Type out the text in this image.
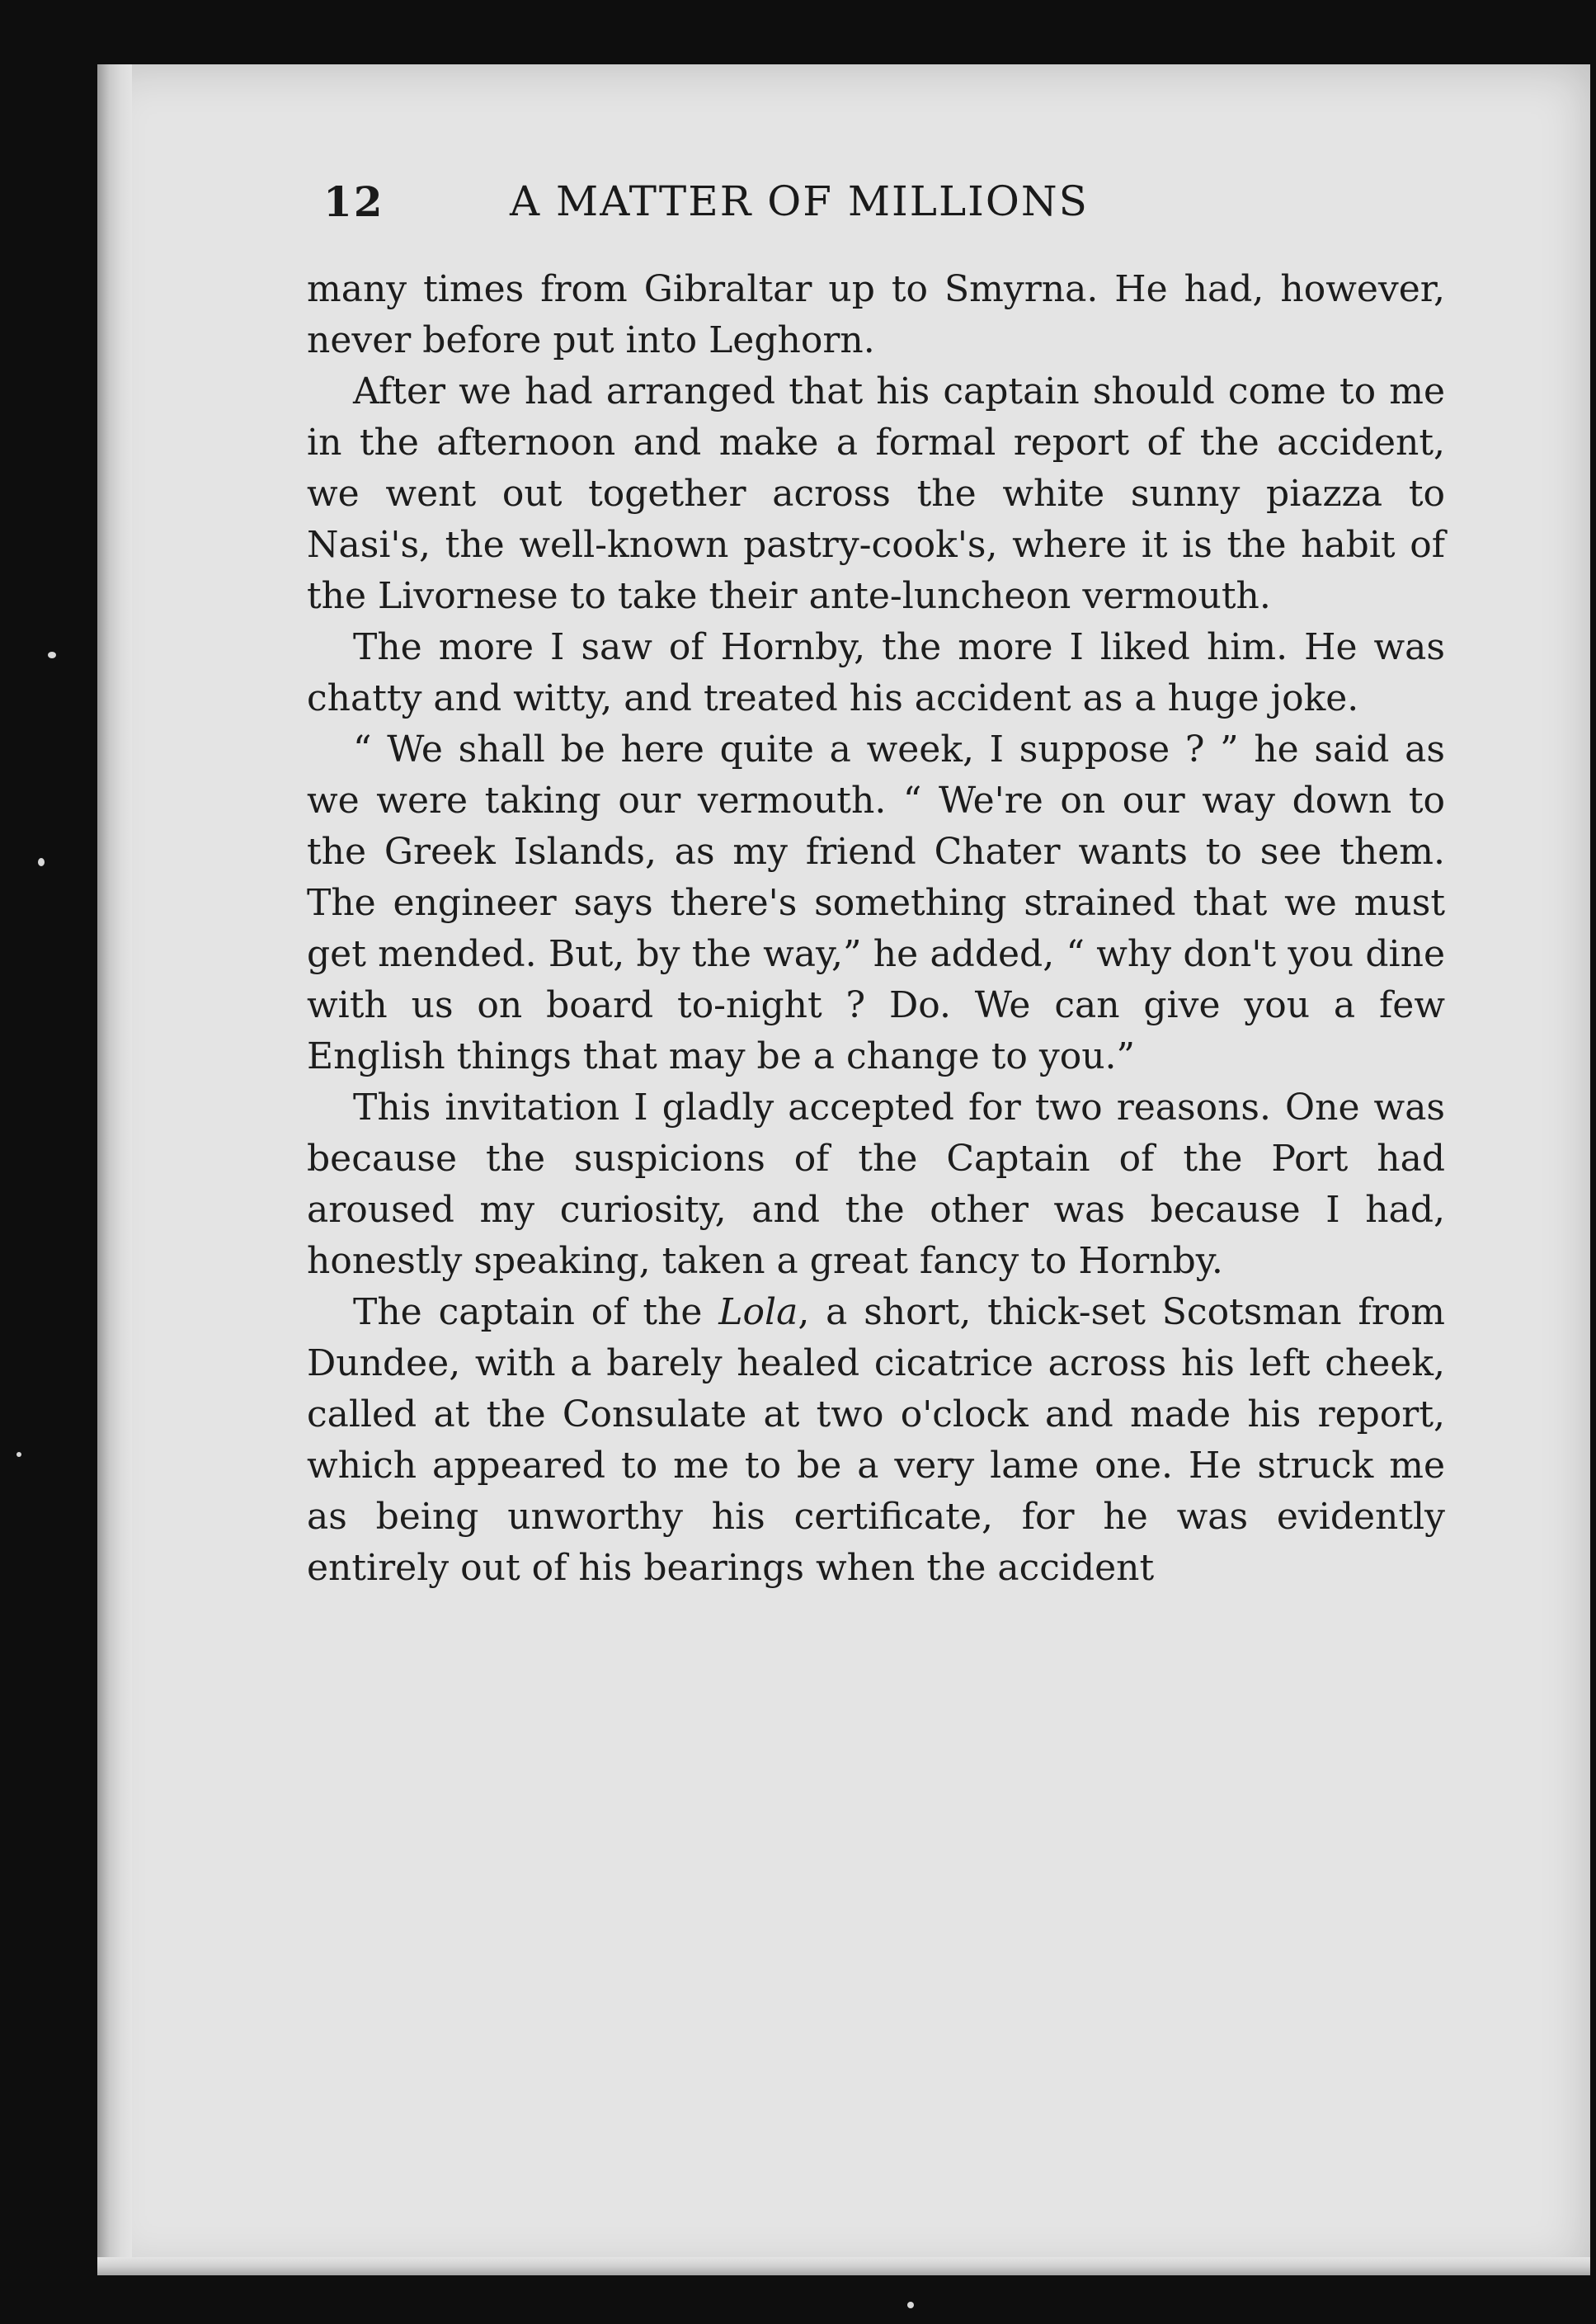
12	A MATTER OF MILLIONS

many times from Gibraltar up to Smyrna. He had, however, never before put into Leghorn.

After we had arranged that his captain should come to me in the afternoon and make a formal report of the accident, we went out together across the white sunny piazza to Nasi's, the well-known pastry-cook's, where it is the habit of the Livornese to take their ante-luncheon vermouth.

The more I saw of Hornby, the more I liked him. He was chatty and witty, and treated his accident as a huge joke.

“ We shall be here quite a week, I suppose ? ” he said as we were taking our vermouth. “ We're on our way down to the Greek Islands, as my friend Chater wants to see them. The engineer says there's something strained that we must get mended. But, by the way,” he added, “ why don't you dine with us on board to-night ? Do. We can give you a few English things that may be a change to you.”

This invitation I gladly accepted for two reasons. One was because the suspicions of the Captain of the Port had aroused my curiosity, and the other was because I had, honestly speaking, taken a great fancy to Hornby.

The captain of the Lola, a short, thick-set Scotsman from Dundee, with a barely healed cicatrice across his left cheek, called at the Consulate at two o'clock and made his report, which appeared to me to be a very lame one. He struck me as being unworthy his certificate, for he was evidently entirely out of his bearings when the accident
